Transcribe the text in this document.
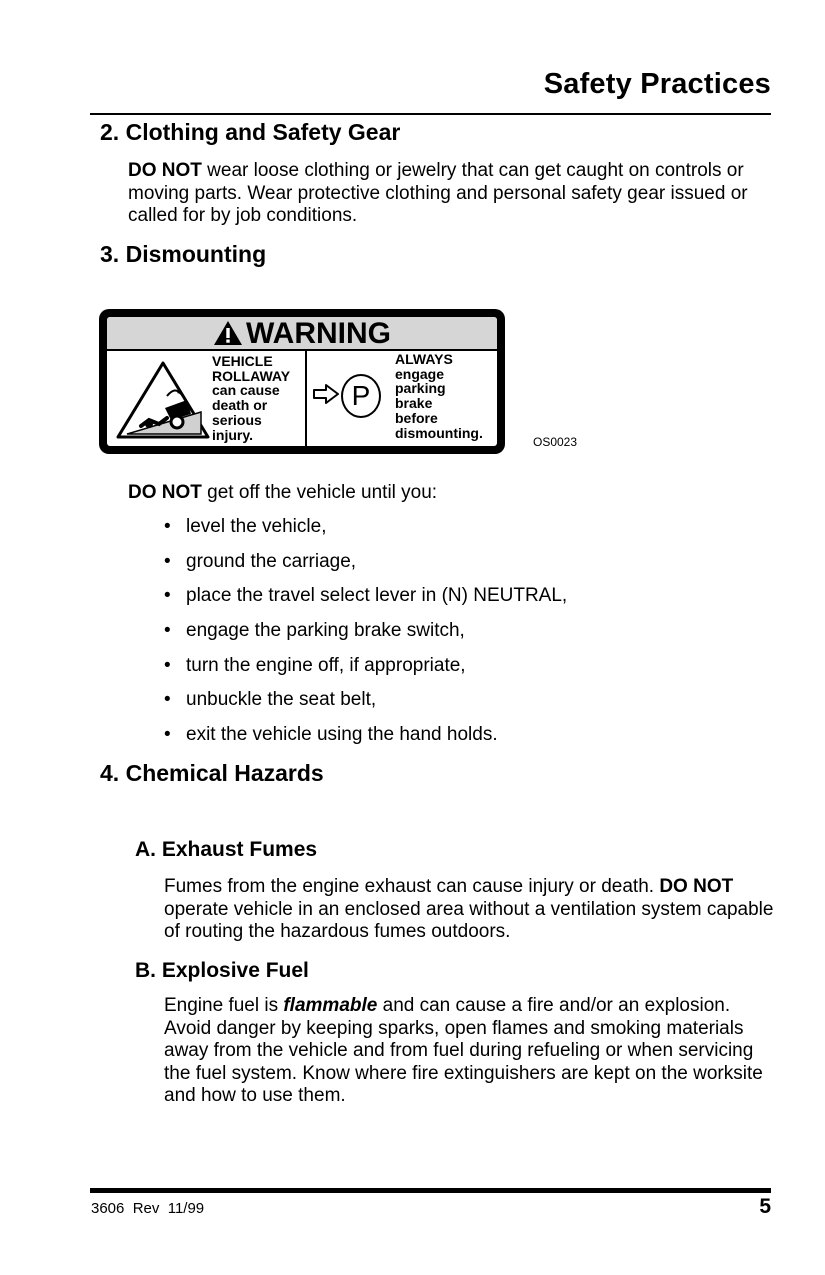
Safety Practices
2. Clothing and Safety Gear
DO NOT wear loose clothing or jewelry that can get caught on controls or moving parts. Wear protective clothing and personal safety gear issued or called for by job conditions.
3. Dismounting
WARNING
VEHICLE
ROLLAWAY
can cause
death or
serious
injury.
P
ALWAYS
engage
parking
brake
before
dismounting.
OS0023
DO NOT get off the vehicle until you:
• level the vehicle,
• ground the carriage,
• place the travel select lever in (N) NEUTRAL,
• engage the parking brake switch,
• turn the engine off, if appropriate,
• unbuckle the seat belt,
• exit the vehicle using the hand holds.
4. Chemical Hazards
A. Exhaust Fumes
Fumes from the engine exhaust can cause injury or death. DO NOT operate vehicle in an enclosed area without a ventilation system capable of routing the hazardous fumes outdoors.
B. Explosive Fuel
Engine fuel is flammable and can cause a fire and/or an explosion. Avoid danger by keeping sparks, open flames and smoking materials away from the vehicle and from fuel during refueling or when servicing the fuel system. Know where fire extinguishers are kept on the worksite and how to use them.
3606  Rev  11/99	5
